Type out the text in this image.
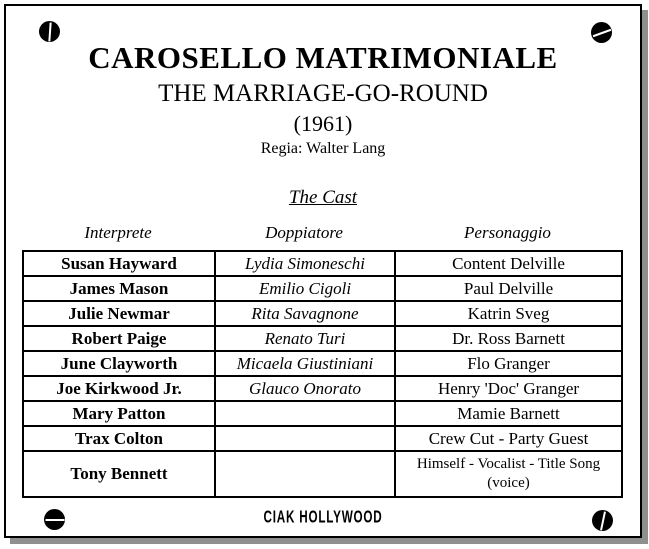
CAROSELLO MATRIMONIALE
THE MARRIAGE-GO-ROUND
(1961)
Regia: Walter Lang
The Cast
Interprete	Doppiatore	Personaggio
Susan Hayward	Lydia Simoneschi	Content Delville
James Mason	Emilio Cigoli	Paul Delville
Julie Newmar	Rita Savagnone	Katrin Sveg
Robert Paige	Renato Turi	Dr. Ross Barnett
June Clayworth	Micaela Giustiniani	Flo Granger
Joe Kirkwood Jr.	Glauco Onorato	Henry 'Doc' Granger
Mary Patton		Mamie Barnett
Trax Colton		Crew Cut - Party Guest
Tony Bennett		Himself - Vocalist - Title Song (voice)
CIAK HOLLYWOOD
